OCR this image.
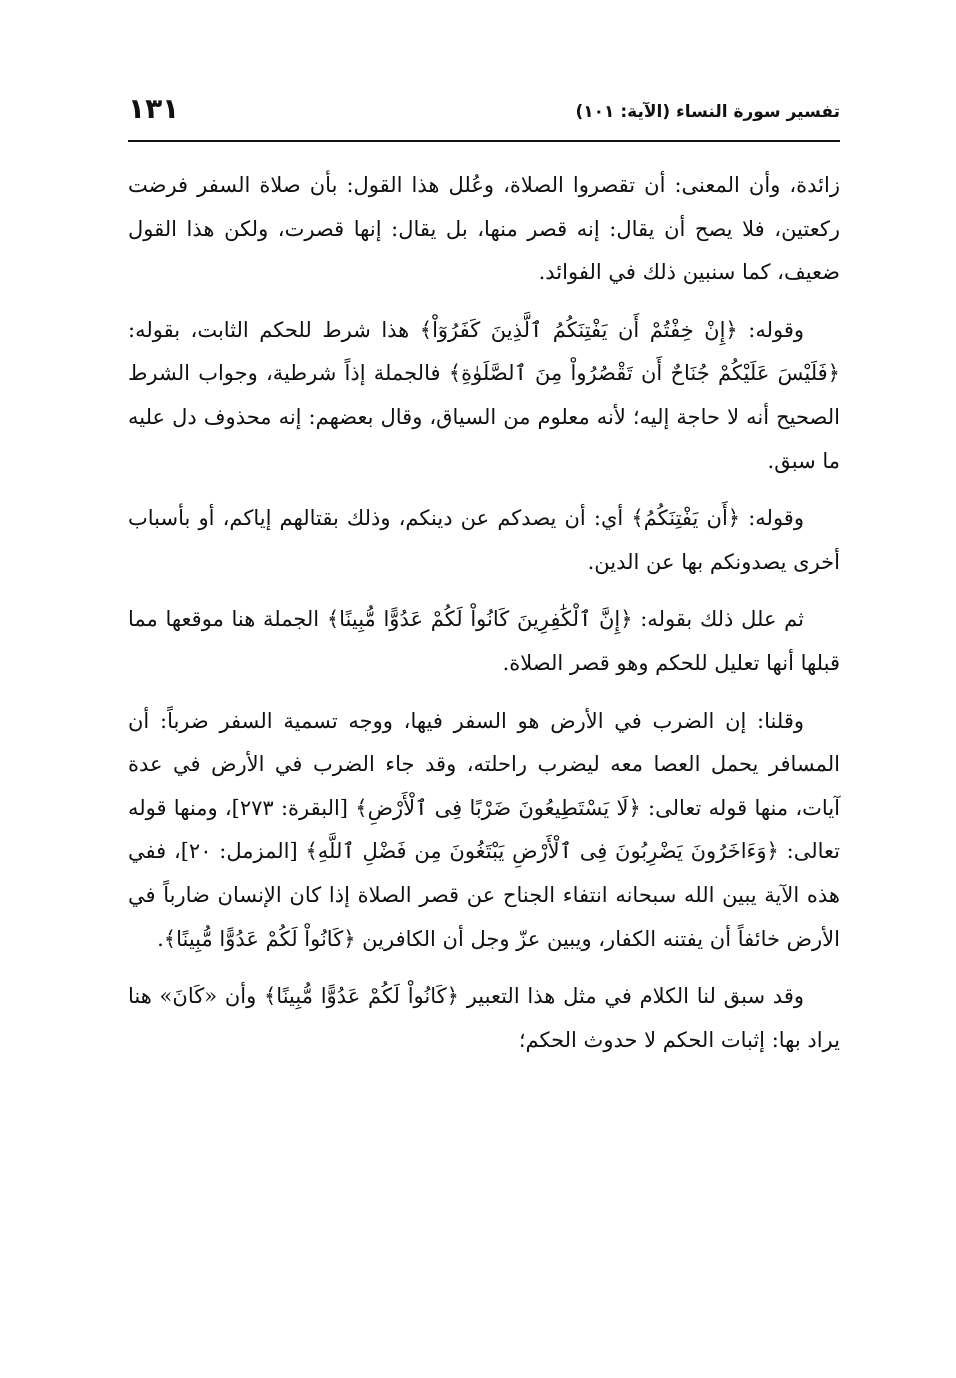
تفسير سورة النساء (الآية: ١٠١)
١٣١

زائدة، وأن المعنى: أن تقصروا الصلاة، وعُلل هذا القول: بأن صلاة السفر فرضت ركعتين، فلا يصح أن يقال: إنه قصر منها، بل يقال: إنها قصرت، ولكن هذا القول ضعيف، كما سنبين ذلك في الفوائد.

وقوله: ﴿إِنْ خِفْتُمْ أَن يَفْتِنَكُمُ ٱلَّذِينَ كَفَرُوٓاْ﴾ هذا شرط للحكم الثابت، بقوله: ﴿فَلَيْسَ عَلَيْكُمْ جُنَاحٌ أَن تَقْصُرُواْ مِنَ ٱلصَّلَوٰةِ﴾ فالجملة إذاً شرطية، وجواب الشرط الصحيح أنه لا حاجة إليه؛ لأنه معلوم من السياق، وقال بعضهم: إنه محذوف دل عليه ما سبق.

وقوله: ﴿أَن يَفْتِنَكُمُ﴾ أي: أن يصدكم عن دينكم، وذلك بقتالهم إياكم، أو بأسباب أخرى يصدونكم بها عن الدين.

ثم علل ذلك بقوله: ﴿إِنَّ ٱلْكَٰفِرِينَ كَانُواْ لَكُمْ عَدُوًّا مُّبِينًا﴾ الجملة هنا موقعها مما قبلها أنها تعليل للحكم وهو قصر الصلاة.

وقلنا: إن الضرب في الأرض هو السفر فيها، ووجه تسمية السفر ضرباً: أن المسافر يحمل العصا معه ليضرب راحلته، وقد جاء الضرب في الأرض في عدة آيات، منها قوله تعالى: ﴿لَا يَسْتَطِيعُونَ ضَرْبًا فِى ٱلْأَرْضِ﴾ [البقرة: ٢٧٣]، ومنها قوله تعالى: ﴿وَءَاخَرُونَ يَضْرِبُونَ فِى ٱلْأَرْضِ يَبْتَغُونَ مِن فَضْلِ ٱللَّهِ﴾ [المزمل: ٢٠]، ففي هذه الآية يبين الله سبحانه انتفاء الجناح عن قصر الصلاة إذا كان الإنسان ضارباً في الأرض خائفاً أن يفتنه الكفار، ويبين عزّ وجل أن الكافرين ﴿كَانُواْ لَكُمْ عَدُوًّا مُّبِينًا﴾.

وقد سبق لنا الكلام في مثل هذا التعبير ﴿كَانُواْ لَكُمْ عَدُوًّا مُّبِينًا﴾ وأن «كَانَ» هنا يراد بها: إثبات الحكم لا حدوث الحكم؛
